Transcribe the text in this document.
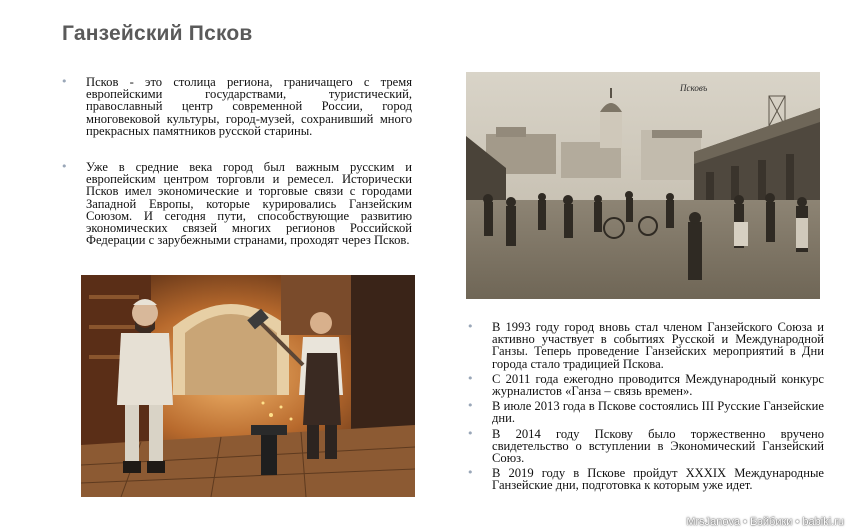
Ганзейский Псков
• Псков - это столица региона, граничащего с тремя европейскими государствами, туристический, православный центр современной России, город многовековой культуры, город-музей, сохранивший много прекрасных памятников русской старины.
• Уже в средние века город был важным русским и европейским центром торговли и ремесел. Исторически Псков имел экономические и торговые связи с городами Западной Европы, которые курировались Ганзейским Союзом. И сегодня пути, способствующие развитию экономических связей многих регионов Российской Федерации с зарубежными странами, проходят через Псков.
Псковъ
• В 1993 году город вновь стал членом Ганзейского Союза и активно участвует в событиях Русской и Международной Ганзы. Теперь проведение Ганзейских мероприятий в Дни города стало традицией Пскова.
• С 2011 года ежегодно проводится Международный конкурс журналистов «Ганза – связь времен».
• В июле 2013 года в Пскове состоялись III Русские Ганзейские дни.
• В 2014 году Пскову было торжественно вручено свидетельство о вступлении в Экономический Ганзейский Союз.
• В 2019 году в Пскове пройдут XXXIX Международные Ганзейские дни, подготовка к которым уже идет.
MrsJanova • Бэйбики • babiki.ru
